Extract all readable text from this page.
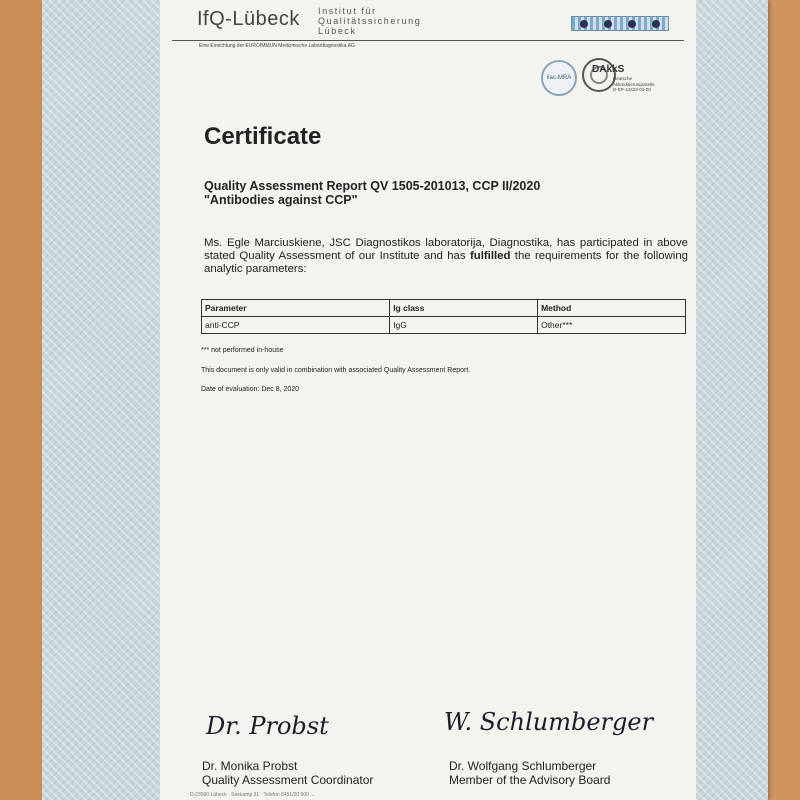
IfQ-Lübeck Institut für
Qualitätssicherung
Lübeck
Eine Einrichtung der EUROIMMUN Medizinische Labordiagnostika AG
ilac-MRA
DAkkS
Deutsche
Akkreditierungsstelle
D-EP-13423-01-00
Certificate
Quality Assessment Report QV 1505-201013, CCP II/2020
"Antibodies against CCP"
Ms. Egle Marciuskiene, JSC Diagnostikos laboratorija, Diagnostika, has participated in above stated Quality Assessment of our Institute and has fulfilled the requirements for the following analytic parameters:
Parameter	Ig class	Method
anti-CCP	IgG	Other***
*** not performed in-house
This document is only valid in combination with associated Quality Assessment Report.
Date of evaluation: Dec 8, 2020
Dr. Probst	W. Schlumberger
Dr. Monika Probst
Quality Assessment Coordinator
Dr. Wolfgang Schlumberger
Member of the Advisory Board
D-23560 Lübeck · Seekamp 31 · Telefon 0451/20 900 ...
